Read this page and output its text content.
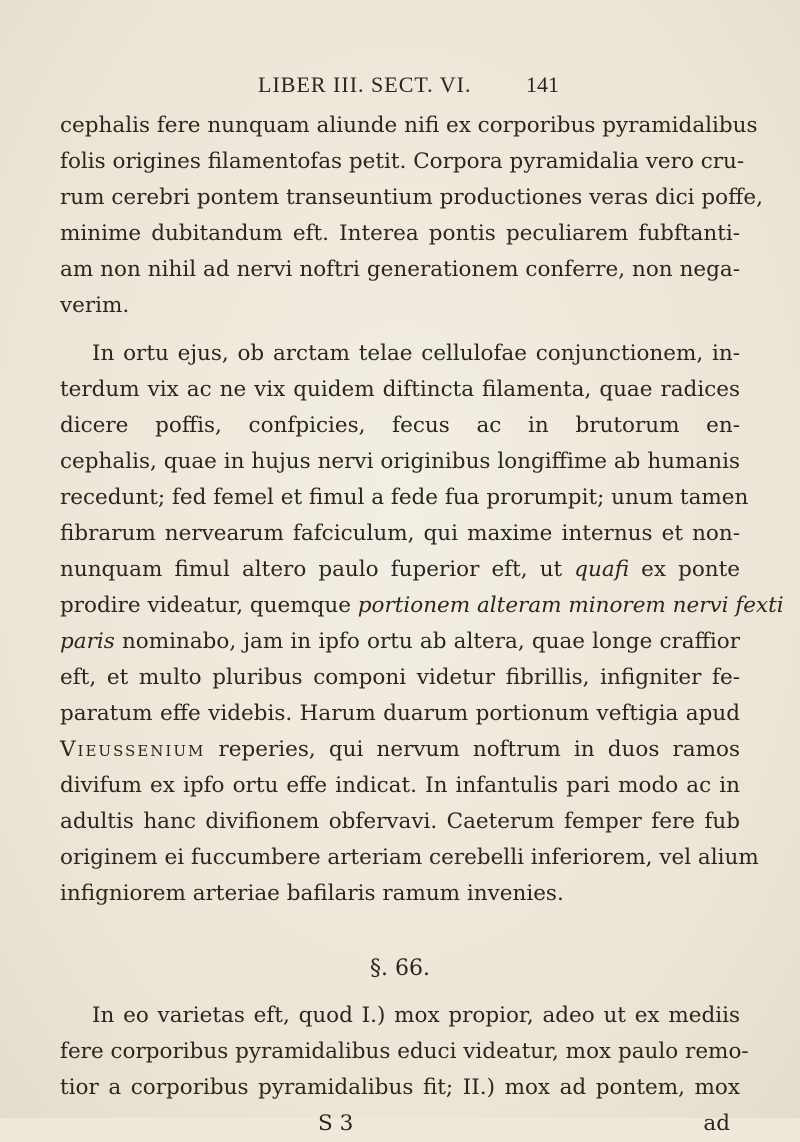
LIBER III. SECT. VI. 141
cephalis fere nunquam aliunde nifi ex corporibus pyramidalibus
folis origines filamentofas petit. Corpora pyramidalia vero cru-
rum cerebri pontem transeuntium productiones veras dici poffe,
minime dubitandum eft. Interea pontis peculiarem fubftanti-
am non nihil ad nervi noftri generationem conferre, non nega-
verim.
In ortu ejus, ob arctam telae cellulofae conjunctionem, in-
terdum vix ac ne vix quidem diftincta filamenta, quae radices
dicere poffis, confpicies, fecus ac in brutorum en-
cephalis, quae in hujus nervi originibus longiffime ab humanis
recedunt; fed femel et fimul a fede fua prorumpit; unum tamen
fibrarum nervearum fafciculum, qui maxime internus et non-
nunquam fimul altero paulo fuperior eft, ut quafi ex ponte
prodire videatur, quemque portionem alteram minorem nervi fexti
paris nominabo, jam in ipfo ortu ab altera, quae longe craffior
eft, et multo pluribus componi videtur fibrillis, infigniter fe-
paratum effe videbis. Harum duarum portionum veftigia apud
Vieussenium reperies, qui nervum noftrum in duos ramos
divifum ex ipfo ortu effe indicat. In infantulis pari modo ac in
adultis hanc divifionem obfervavi. Caeterum femper fere fub
originem ei fuccumbere arteriam cerebelli inferiorem, vel alium
infigniorem arteriae bafilaris ramum invenies.
§. 66.
In eo varietas eft, quod I.) mox propior, adeo ut ex mediis
fere corporibus pyramidalibus educi videatur, mox paulo remo-
tior a corporibus pyramidalibus fit; II.) mox ad pontem, mox
S 3	ad
